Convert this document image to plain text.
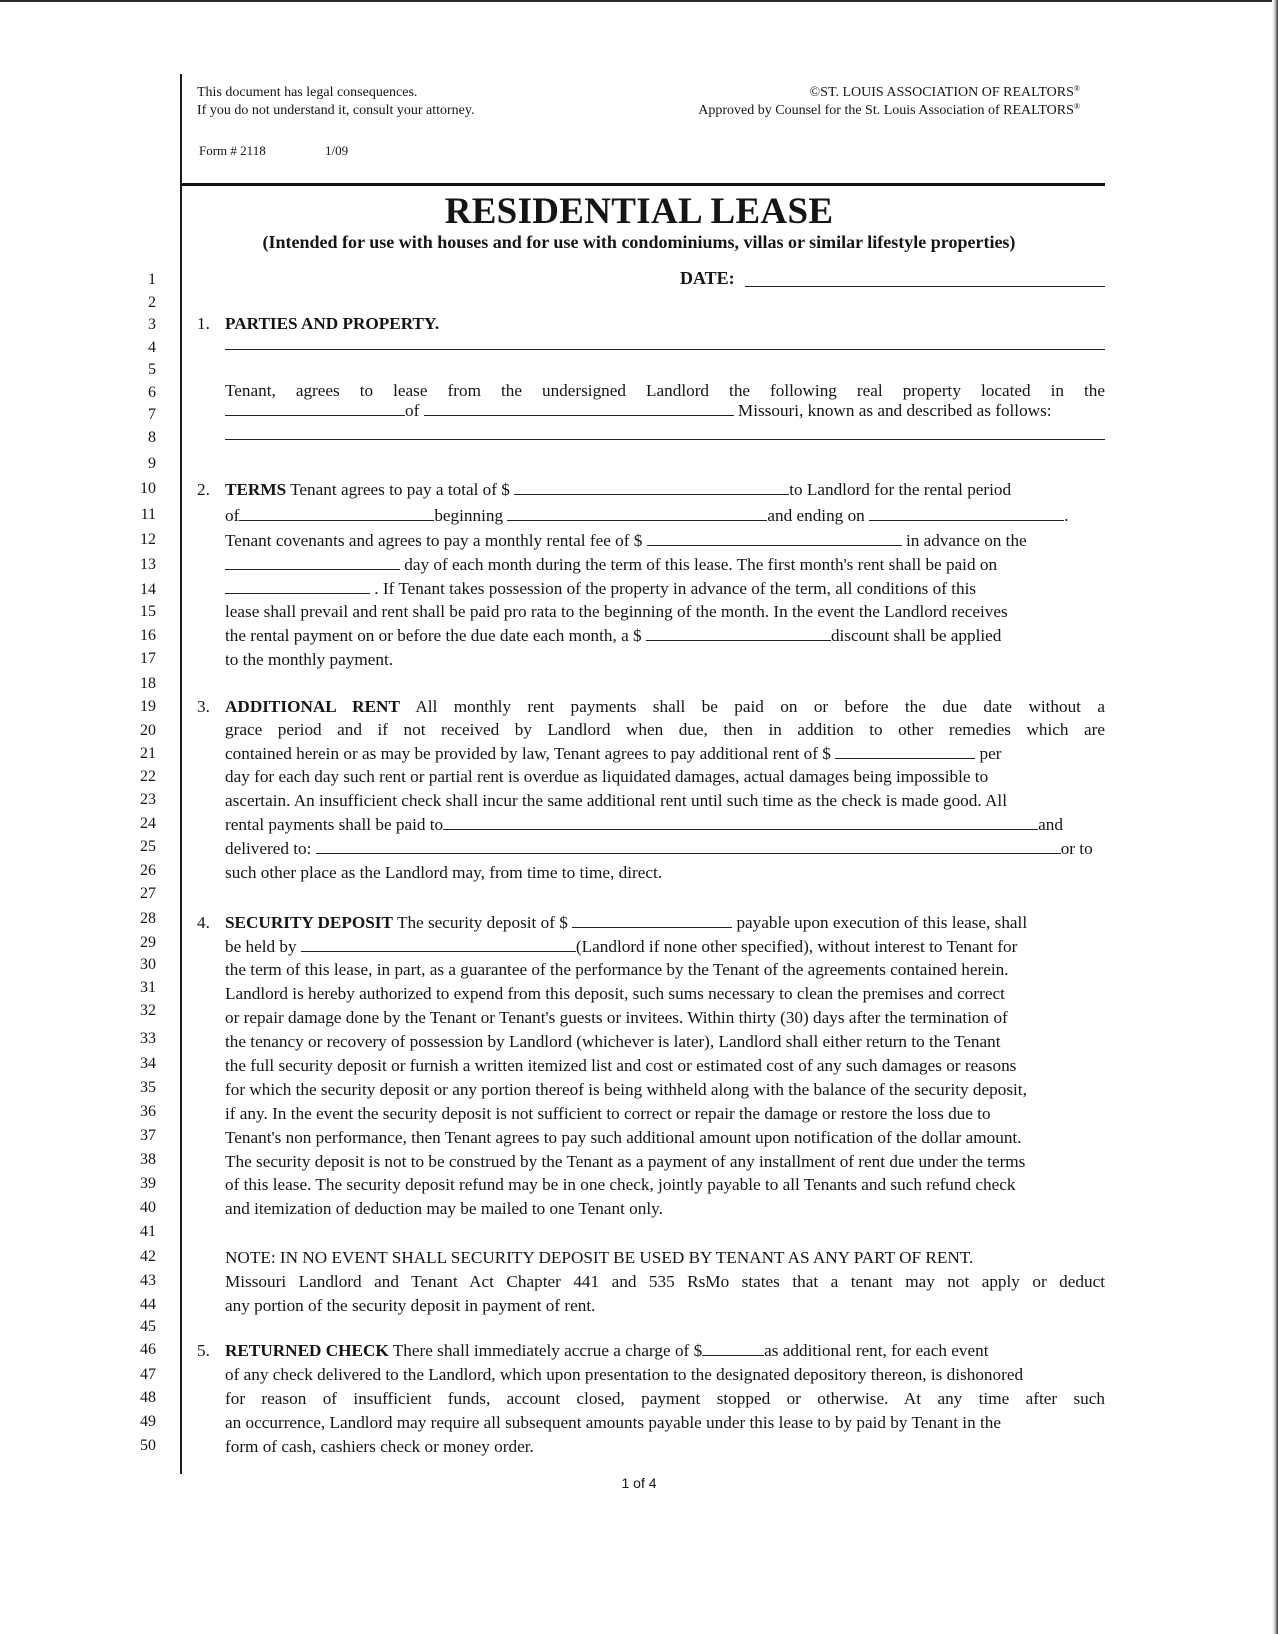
This document has legal consequences.
If you do not understand it, consult your attorney.
©ST. LOUIS ASSOCIATION OF REALTORS®
Approved by Counsel for the St. Louis Association of REALTORS®
Form # 2118	1/09
RESIDENTIAL LEASE
(Intended for use with houses and for use with condominiums, villas or similar lifestyle properties)
DATE:
1
2
3
4
5
6
7
8
9
10
11
12
13
14
15
16
17
18
19
20
21
22
23
24
25
26
27
28
29
30
31
32
33
34
35
36
37
38
39
40
41
42
43
44
45
46
47
48
49
50
1. PARTIES AND PROPERTY.
Tenant, agrees to lease from the undersigned Landlord the following real property located in the
of	Missouri, known as and described as follows:
2. TERMS Tenant agrees to pay a total of $	to Landlord for the rental period
of	beginning	and ending on	.
Tenant covenants and agrees to pay a monthly rental fee of $	in advance on the
day of each month during the term of this lease. The first month's rent shall be paid on
. If Tenant takes possession of the property in advance of the term, all conditions of this
lease shall prevail and rent shall be paid pro rata to the beginning of the month. In the event the Landlord receives
the rental payment on or before the due date each month, a $	discount shall be applied
to the monthly payment.
3. ADDITIONAL RENT All monthly rent payments shall be paid on or before the due date without a
grace period and if not received by Landlord when due, then in addition to other remedies which are
contained herein or as may be provided by law, Tenant agrees to pay additional rent of $	per
day for each day such rent or partial rent is overdue as liquidated damages, actual damages being impossible to
ascertain. An insufficient check shall incur the same additional rent until such time as the check is made good. All
rental payments shall be paid to	and
delivered to:	or to
such other place as the Landlord may, from time to time, direct.
4. SECURITY DEPOSIT The security deposit of $	payable upon execution of this lease, shall
be held by	(Landlord if none other specified), without interest to Tenant for
the term of this lease, in part, as a guarantee of the performance by the Tenant of the agreements contained herein.
Landlord is hereby authorized to expend from this deposit, such sums necessary to clean the premises and correct
or repair damage done by the Tenant or Tenant's guests or invitees. Within thirty (30) days after the termination of
the tenancy or recovery of possession by Landlord (whichever is later), Landlord shall either return to the Tenant
the full security deposit or furnish a written itemized list and cost or estimated cost of any such damages or reasons
for which the security deposit or any portion thereof is being withheld along with the balance of the security deposit,
if any. In the event the security deposit is not sufficient to correct or repair the damage or restore the loss due to
Tenant's non performance, then Tenant agrees to pay such additional amount upon notification of the dollar amount.
The security deposit is not to be construed by the Tenant as a payment of any installment of rent due under the terms
of this lease. The security deposit refund may be in one check, jointly payable to all Tenants and such refund check
and itemization of deduction may be mailed to one Tenant only.
NOTE: IN NO EVENT SHALL SECURITY DEPOSIT BE USED BY TENANT AS ANY PART OF RENT.
Missouri Landlord and Tenant Act Chapter 441 and 535 RsMo states that a tenant may not apply or deduct
any portion of the security deposit in payment of rent.
5. RETURNED CHECK There shall immediately accrue a charge of $	as additional rent, for each event
of any check delivered to the Landlord, which upon presentation to the designated depository thereon, is dishonored
for reason of insufficient funds, account closed, payment stopped or otherwise. At any time after such
an occurrence, Landlord may require all subsequent amounts payable under this lease to by paid by Tenant in the
form of cash, cashiers check or money order.
1 of 4
